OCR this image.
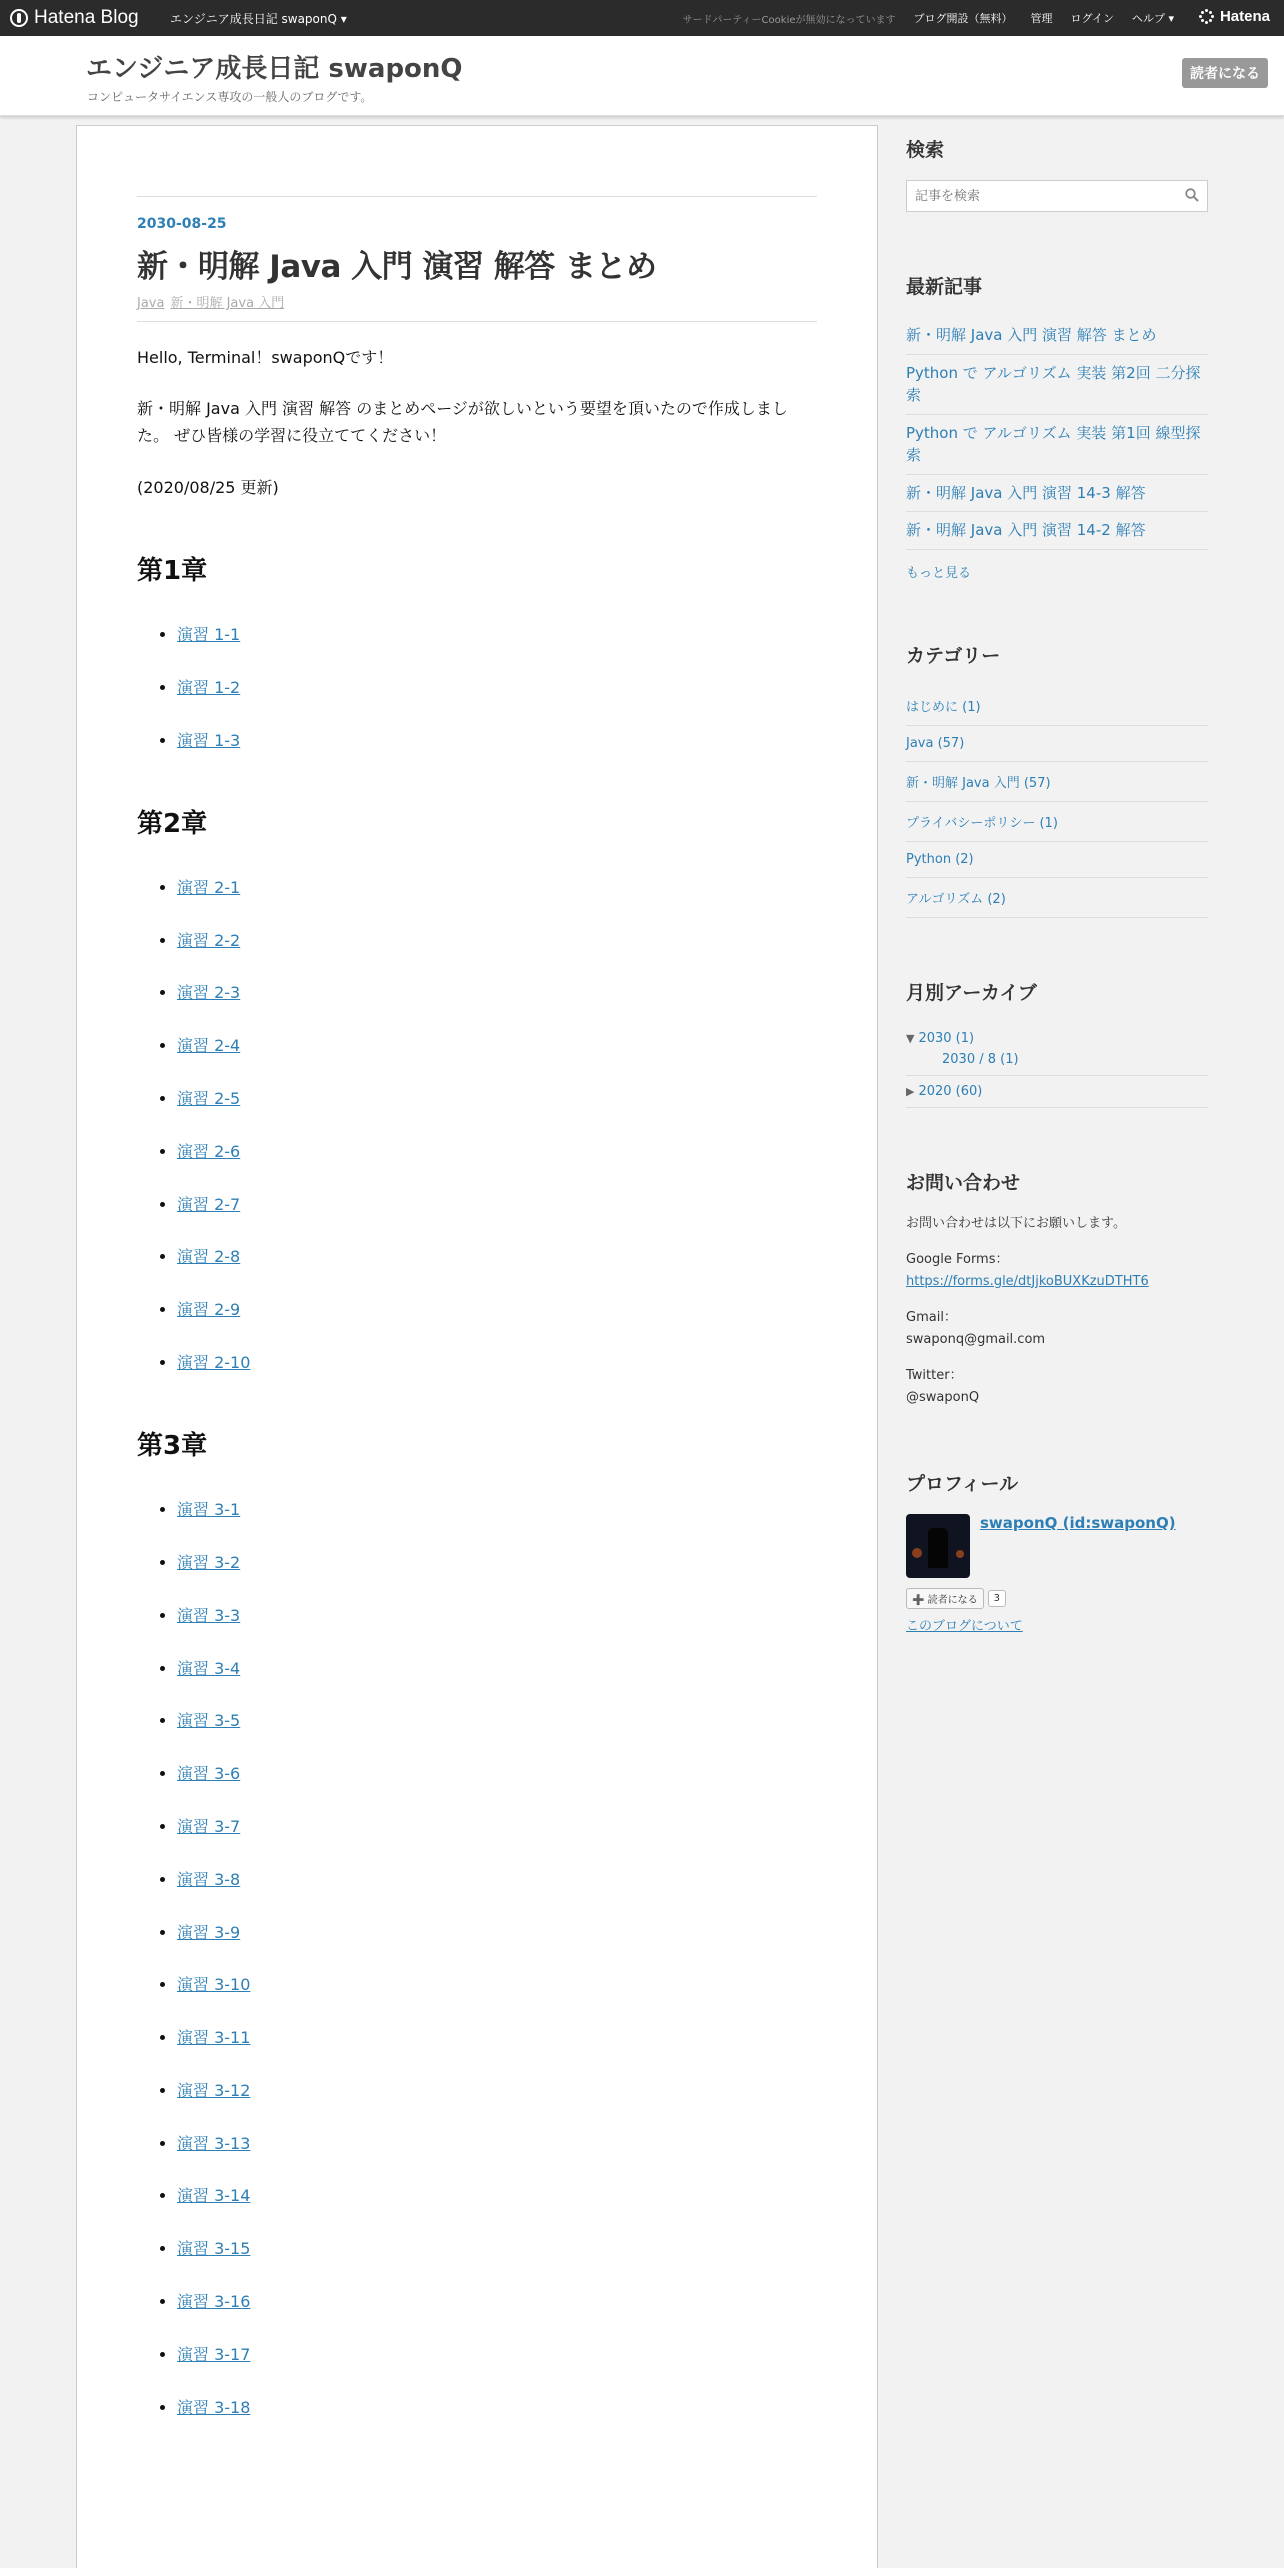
Hatena Blog	エンジニア成長日記 swaponQ ▾	サードパーティーCookieが無効になっています ブログ開設（無料） 管理 ログイン ヘルプ ▾	Hatena
エンジニア成長日記 swaponQ
コンピュータサイエンス専攻の一般人のブログです。
読者になる
2030-08-25
新・明解 Java 入門 演習 解答 まとめ
Java 新・明解 Java 入門

Hello, Terminal！swaponQです！

新・明解 Java 入門 演習 解答 のまとめページが欲しいという要望を頂いたので作成しました。 ぜひ皆様の学習に役立ててください！

(2020/08/25 更新)

第1章
• 演習 1-1
• 演習 1-2
• 演習 1-3
第2章
• 演習 2-1
• 演習 2-2
• 演習 2-3
• 演習 2-4
• 演習 2-5
• 演習 2-6
• 演習 2-7
• 演習 2-8
• 演習 2-9
• 演習 2-10
第3章
• 演習 3-1
• 演習 3-2
• 演習 3-3
• 演習 3-4
• 演習 3-5
• 演習 3-6
• 演習 3-7
• 演習 3-8
• 演習 3-9
• 演習 3-10
• 演習 3-11
• 演習 3-12
• 演習 3-13
• 演習 3-14
• 演習 3-15
• 演習 3-16
• 演習 3-17
• 演習 3-18
検索
記事を検索
最新記事
新・明解 Java 入門 演習 解答 まとめ
Python で アルゴリズム 実装 第2回 二分探索
Python で アルゴリズム 実装 第1回 線型探索
新・明解 Java 入門 演習 14-3 解答
新・明解 Java 入門 演習 14-2 解答
もっと見る
カテゴリー
はじめに (1)
Java (57)
新・明解 Java 入門 (57)
プライバシーポリシー (1)
Python (2)
アルゴリズム (2)
月別アーカイブ
▼ 2030 (1)
2030 / 8 (1)
▶ 2020 (60)
お問い合わせ
お問い合わせは以下にお願いします。
Google Forms：
https://forms.gle/dtJjkoBUXKzuDTHT6
Gmail：
swaponq@gmail.com
Twitter：
@swaponQ
プロフィール
swaponQ (id:swaponQ)
➕ 読者になる	3
このブログについて
